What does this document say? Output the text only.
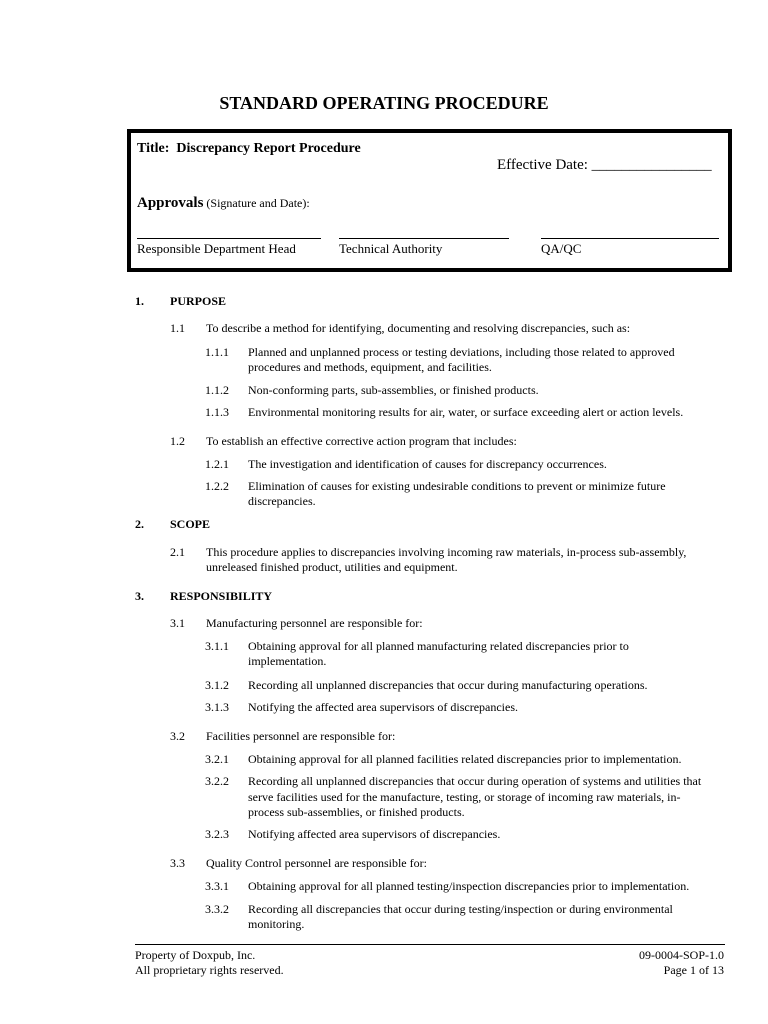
STANDARD OPERATING PROCEDURE
Title: Discrepancy Report Procedure
Effective Date: ________________
Approvals (Signature and Date):
Responsible Department Head	Technical Authority	QA/QC
1. PURPOSE
1.1 To describe a method for identifying, documenting and resolving discrepancies, such as:
1.1.1 Planned and unplanned process or testing deviations, including those related to approved
procedures and methods, equipment, and facilities.
1.1.2 Non-conforming parts, sub-assemblies, or finished products.
1.1.3 Environmental monitoring results for air, water, or surface exceeding alert or action levels.
1.2 To establish an effective corrective action program that includes:
1.2.1 The investigation and identification of causes for discrepancy occurrences.
1.2.2 Elimination of causes for existing undesirable conditions to prevent or minimize future
discrepancies.
2. SCOPE
2.1 This procedure applies to discrepancies involving incoming raw materials, in-process sub-assembly,
unreleased finished product, utilities and equipment.
3. RESPONSIBILITY
3.1 Manufacturing personnel are responsible for:
3.1.1 Obtaining approval for all planned manufacturing related discrepancies prior to
implementation.
3.1.2 Recording all unplanned discrepancies that occur during manufacturing operations.
3.1.3 Notifying the affected area supervisors of discrepancies.
3.2 Facilities personnel are responsible for:
3.2.1 Obtaining approval for all planned facilities related discrepancies prior to implementation.
3.2.2 Recording all unplanned discrepancies that occur during operation of systems and utilities that
serve facilities used for the manufacture, testing, or storage of incoming raw materials, in-
process sub-assemblies, or finished products.
3.2.3 Notifying affected area supervisors of discrepancies.
3.3 Quality Control personnel are responsible for:
3.3.1 Obtaining approval for all planned testing/inspection discrepancies prior to implementation.
3.3.2 Recording all discrepancies that occur during testing/inspection or during environmental
monitoring.
Property of Doxpub, Inc.
All proprietary rights reserved.
09-0004-SOP-1.0
Page 1 of 13
